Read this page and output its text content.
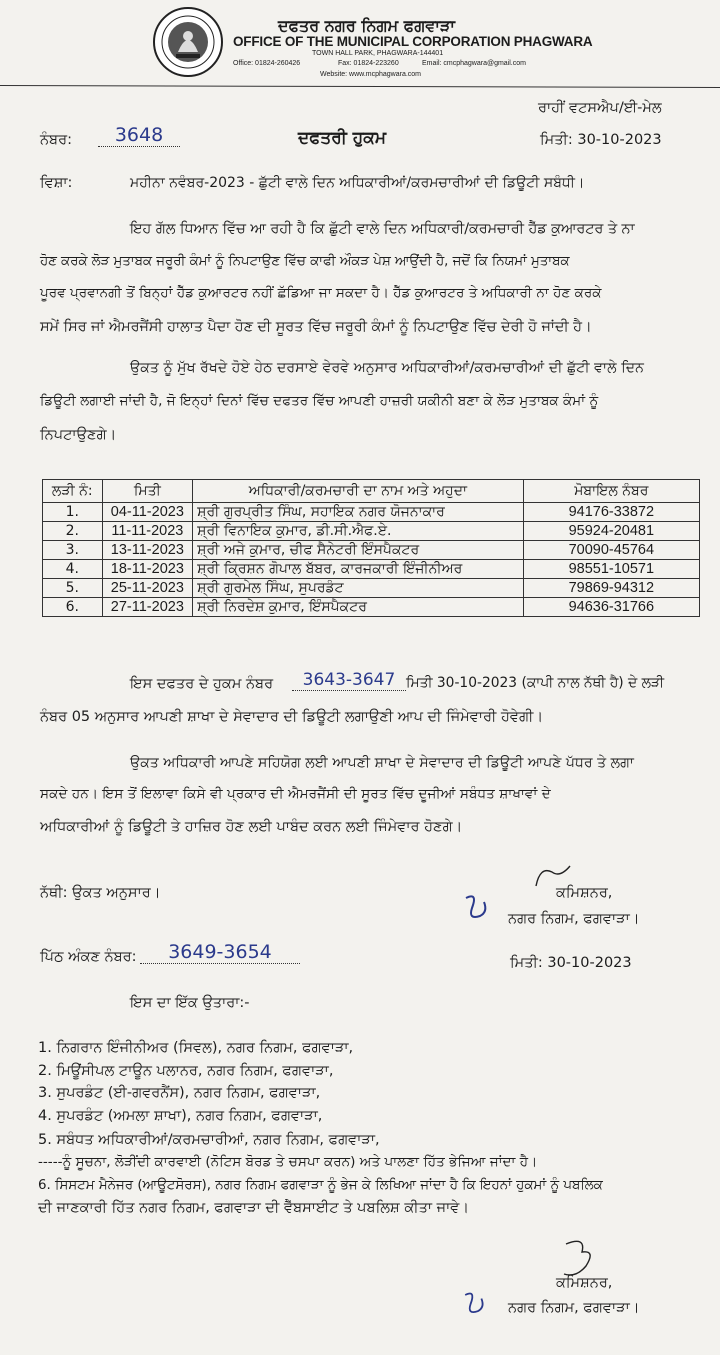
ਦਫਤਰ ਨਗਰ ਨਿਗਮ ਫਗਵਾੜਾ
OFFICE OF THE MUNICIPAL CORPORATION PHAGWARA
TOWN HALL PARK, PHAGWARA-144401
Office: 01824-260426	Fax: 01824-223260	Email: cmcphagwara@gmail.com
Website: www.mcphagwara.com
ਰਾਹੀਂ ਵਟਸਐਪ/ਈ-ਮੇਲ
ਨੰਬਰ:	3648	ਦਫਤਰੀ ਹੁਕਮ	ਮਿਤੀ: 30-10-2023
ਵਿਸ਼ਾ:	ਮਹੀਨਾ ਨਵੰਬਰ-2023 - ਛੁੱਟੀ ਵਾਲੇ ਦਿਨ ਅਧਿਕਾਰੀਆਂ/ਕਰਮਚਾਰੀਆਂ ਦੀ ਡਿਊਟੀ ਸਬੰਧੀ।
ਇਹ ਗੱਲ ਧਿਆਨ ਵਿੱਚ ਆ ਰਹੀ ਹੈ ਕਿ ਛੁੱਟੀ ਵਾਲੇ ਦਿਨ ਅਧਿਕਾਰੀ/ਕਰਮਚਾਰੀ ਹੈੱਡ ਕੁਆਰਟਰ ਤੇ ਨਾ
ਹੋਣ ਕਰਕੇ ਲੋੜ ਮੁਤਾਬਕ ਜਰੂਰੀ ਕੰਮਾਂ ਨੂੰ ਨਿਪਟਾਉਣ ਵਿੱਚ ਕਾਫੀ ਔਕੜ ਪੇਸ਼ ਆਉਂਦੀ ਹੈ, ਜਦੋਂ ਕਿ ਨਿਯਮਾਂ ਮੁਤਾਬਕ
ਪੂਰਵ ਪ੍ਰਵਾਨਗੀ ਤੋਂ ਬਿਨ੍ਹਾਂ ਹੈੱਡ ਕੁਆਰਟਰ ਨਹੀਂ ਛੱਡਿਆ ਜਾ ਸਕਦਾ ਹੈ। ਹੈੱਡ ਕੁਆਰਟਰ ਤੇ ਅਧਿਕਾਰੀ ਨਾ ਹੋਣ ਕਰਕੇ
ਸਮੇਂ ਸਿਰ ਜਾਂ ਐਮਰਜੈਂਸੀ ਹਾਲਾਤ ਪੈਦਾ ਹੋਣ ਦੀ ਸੂਰਤ ਵਿੱਚ ਜਰੂਰੀ ਕੰਮਾਂ ਨੂੰ ਨਿਪਟਾਉਣ ਵਿੱਚ ਦੇਰੀ ਹੋ ਜਾਂਦੀ ਹੈ।
ਉਕਤ ਨੂੰ ਮੁੱਖ ਰੱਖਦੇ ਹੋਏ ਹੇਠ ਦਰਸਾਏ ਵੇਰਵੇ ਅਨੁਸਾਰ ਅਧਿਕਾਰੀਆਂ/ਕਰਮਚਾਰੀਆਂ ਦੀ ਛੁੱਟੀ ਵਾਲੇ ਦਿਨ
ਡਿਊਟੀ ਲਗਾਈ ਜਾਂਦੀ ਹੈ, ਜੋ ਇਨ੍ਹਾਂ ਦਿਨਾਂ ਵਿੱਚ ਦਫਤਰ ਵਿੱਚ ਆਪਣੀ ਹਾਜ਼ਰੀ ਯਕੀਨੀ ਬਣਾ ਕੇ ਲੋੜ ਮੁਤਾਬਕ ਕੰਮਾਂ ਨੂੰ
ਨਿਪਟਾਉਣਗੇ।
ਲੜੀ ਨੰ:	ਮਿਤੀ	ਅਧਿਕਾਰੀ/ਕਰਮਚਾਰੀ ਦਾ ਨਾਮ ਅਤੇ ਅਹੁਦਾ	ਮੋਬਾਇਲ ਨੰਬਰ
1.	04-11-2023	ਸ਼੍ਰੀ ਗੁਰਪ੍ਰੀਤ ਸਿੰਘ, ਸਹਾਇਕ ਨਗਰ ਯੋਜਨਾਕਾਰ	94176-33872
2.	11-11-2023	ਸ਼੍ਰੀ ਵਿਨਾਇਕ ਕੁਮਾਰ, ਡੀ.ਸੀ.ਐਫ.ਏ.	95924-20481
3.	13-11-2023	ਸ਼੍ਰੀ ਅਜੇ ਕੁਮਾਰ, ਚੀਫ ਸੈਨੇਟਰੀ ਇੰਸਪੈਕਟਰ	70090-45764
4.	18-11-2023	ਸ਼੍ਰੀ ਕ੍ਰਿਸ਼ਨ ਗੋਪਾਲ ਬੱਬਰ, ਕਾਰਜਕਾਰੀ ਇੰਜੀਨੀਅਰ	98551-10571
5.	25-11-2023	ਸ਼੍ਰੀ ਗੁਰਮੇਲ ਸਿੰਘ, ਸੁਪਰਡੰਟ	79869-94312
6.	27-11-2023	ਸ਼੍ਰੀ ਨਿਰਦੇਸ਼ ਕੁਮਾਰ, ਇੰਸਪੈਕਟਰ	94636-31766
ਇਸ ਦਫਤਰ ਦੇ ਹੁਕਮ ਨੰਬਰ	3643-3647 ਮਿਤੀ 30-10-2023 (ਕਾਪੀ ਨਾਲ ਨੱਥੀ ਹੈ) ਦੇ ਲੜੀ
ਨੰਬਰ 05 ਅਨੁਸਾਰ ਆਪਣੀ ਸ਼ਾਖਾ ਦੇ ਸੇਵਾਦਾਰ ਦੀ ਡਿਊਟੀ ਲਗਾਉਣੀ ਆਪ ਦੀ ਜਿੰਮੇਵਾਰੀ ਹੋਵੇਗੀ।
ਉਕਤ ਅਧਿਕਾਰੀ ਆਪਣੇ ਸਹਿਯੋਗ ਲਈ ਆਪਣੀ ਸ਼ਾਖਾ ਦੇ ਸੇਵਾਦਾਰ ਦੀ ਡਿਊਟੀ ਆਪਣੇ ਪੱਧਰ ਤੇ ਲਗਾ
ਸਕਦੇ ਹਨ। ਇਸ ਤੋਂ ਇਲਾਵਾ ਕਿਸੇ ਵੀ ਪ੍ਰਕਾਰ ਦੀ ਐਮਰਜੈਂਸੀ ਦੀ ਸੂਰਤ ਵਿੱਚ ਦੂਜੀਆਂ ਸਬੰਧਤ ਸ਼ਾਖਾਵਾਂ ਦੇ
ਅਧਿਕਾਰੀਆਂ ਨੂੰ ਡਿਊਟੀ ਤੇ ਹਾਜ਼ਿਰ ਹੋਣ ਲਈ ਪਾਬੰਦ ਕਰਨ ਲਈ ਜਿੰਮੇਵਾਰ ਹੋਣਗੇ।
ਨੱਥੀ: ਉਕਤ ਅਨੁਸਾਰ।	ਕਮਿਸ਼ਨਰ,
ਨਗਰ ਨਿਗਮ, ਫਗਵਾੜਾ।
ਪਿੱਠ ਅੰਕਣ ਨੰਬਰ:	3649-3654	ਮਿਤੀ: 30-10-2023
ਇਸ ਦਾ ਇੱਕ ਉਤਾਰਾ:-
1. ਨਿਗਰਾਨ ਇੰਜੀਨੀਅਰ (ਸਿਵਲ), ਨਗਰ ਨਿਗਮ, ਫਗਵਾੜਾ,
2. ਮਿਊਂਸੀਪਲ ਟਾਊਨ ਪਲਾਨਰ, ਨਗਰ ਨਿਗਮ, ਫਗਵਾੜਾ,
3. ਸੁਪਰਡੰਟ (ਈ-ਗਵਰਨੈਂਸ), ਨਗਰ ਨਿਗਮ, ਫਗਵਾੜਾ,
4. ਸੁਪਰਡੰਟ (ਅਮਲਾ ਸ਼ਾਖਾ), ਨਗਰ ਨਿਗਮ, ਫਗਵਾੜਾ,
5. ਸਬੰਧਤ ਅਧਿਕਾਰੀਆਂ/ਕਰਮਚਾਰੀਆਂ, ਨਗਰ ਨਿਗਮ, ਫਗਵਾੜਾ,
-----ਨੂੰ ਸੂਚਨਾ, ਲੋੜੀਂਦੀ ਕਾਰਵਾਈ (ਨੋਟਿਸ ਬੋਰਡ ਤੇ ਚਸਪਾ ਕਰਨ) ਅਤੇ ਪਾਲਣਾ ਹਿੱਤ ਭੇਜਿਆ ਜਾਂਦਾ ਹੈ।
6. ਸਿਸਟਮ ਮੈਨੇਜਰ (ਆਊਟਸੋਰਸ), ਨਗਰ ਨਿਗਮ ਫਗਵਾੜਾ ਨੂੰ ਭੇਜ ਕੇ ਲਿਖਿਆ ਜਾਂਦਾ ਹੈ ਕਿ ਇਹਨਾਂ ਹੁਕਮਾਂ ਨੂੰ ਪਬਲਿਕ
ਦੀ ਜਾਣਕਾਰੀ ਹਿੱਤ ਨਗਰ ਨਿਗਮ, ਫਗਵਾੜਾ ਦੀ ਵੈੱਬਸਾਈਟ ਤੇ ਪਬਲਿਸ਼ ਕੀਤਾ ਜਾਵੇ।
ਕਮਿਸ਼ਨਰ,
ਨਗਰ ਨਿਗਮ, ਫਗਵਾੜਾ।
